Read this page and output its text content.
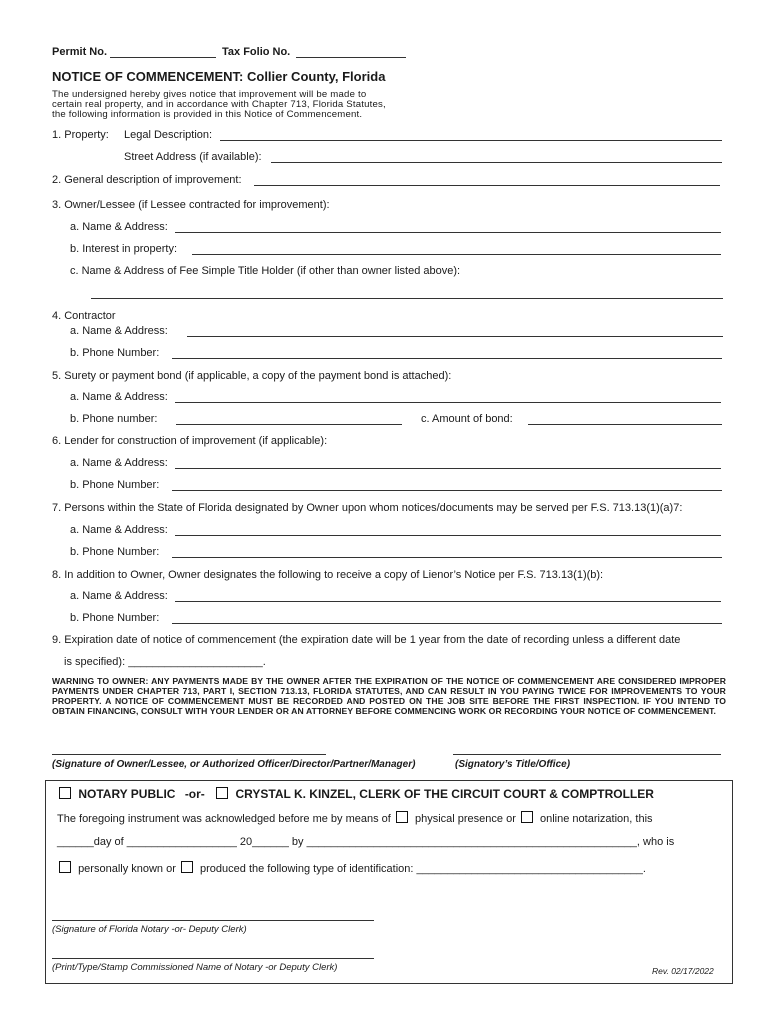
Permit No.	Tax Folio No.
NOTICE OF COMMENCEMENT: Collier County, Florida
The undersigned hereby gives notice that improvement will be made to
certain real property, and in accordance with Chapter 713, Florida Statutes,
the following information is provided in this Notice of Commencement.
1. Property: Legal Description:
Street Address (if available):
2. General description of improvement:
3. Owner/Lessee (if Lessee contracted for improvement):
a. Name & Address:
b. Interest in property:
c. Name & Address of Fee Simple Title Holder (if other than owner listed above):
4. Contractor
a. Name & Address:
b. Phone Number:
5. Surety or payment bond (if applicable, a copy of the payment bond is attached):
a. Name & Address:
b. Phone number:	c. Amount of bond:
6. Lender for construction of improvement (if applicable):
a. Name & Address:
b. Phone Number:
7. Persons within the State of Florida designated by Owner upon whom notices/documents may be served per F.S. 713.13(1)(a)7:
a. Name & Address:
b. Phone Number:
8. In addition to Owner, Owner designates the following to receive a copy of Lienor’s Notice per F.S. 713.13(1)(b):
a. Name & Address:
b. Phone Number:
9. Expiration date of notice of commencement (the expiration date will be 1 year from the date of recording unless a different date
is specified): ______________________.
WARNING TO OWNER: ANY PAYMENTS MADE BY THE OWNER AFTER THE EXPIRATION OF THE NOTICE OF COMMENCEMENT ARE CONSIDERED IMPROPER PAYMENTS UNDER CHAPTER 713, PART I, SECTION 713.13, FLORIDA STATUTES, AND CAN RESULT IN YOU PAYING TWICE FOR IMPROVEMENTS TO YOUR PROPERTY. A NOTICE OF COMMENCEMENT MUST BE RECORDED AND POSTED ON THE JOB SITE BEFORE THE FIRST INSPECTION. IF YOU INTEND TO OBTAIN FINANCING, CONSULT WITH YOUR LENDER OR AN ATTORNEY BEFORE COMMENCING WORK OR RECORDING YOUR NOTICE OF COMMENCEMENT.
(Signature of Owner/Lessee, or Authorized Officer/Director/Partner/Manager)	(Signatory’s Title/Office)
NOTARY PUBLIC -or-	CRYSTAL K. KINZEL, CLERK OF THE CIRCUIT COURT & COMPTROLLER
The foregoing instrument was acknowledged before me by means of physical presence or online notarization, this
______day of __________________ 20______ by ______________________________________________________, who is
personally known or produced the following type of identification: _____________________________________.
(Signature of Florida Notary -or- Deputy Clerk)
(Print/Type/Stamp Commissioned Name of Notary -or Deputy Clerk)	Rev. 02/17/2022
